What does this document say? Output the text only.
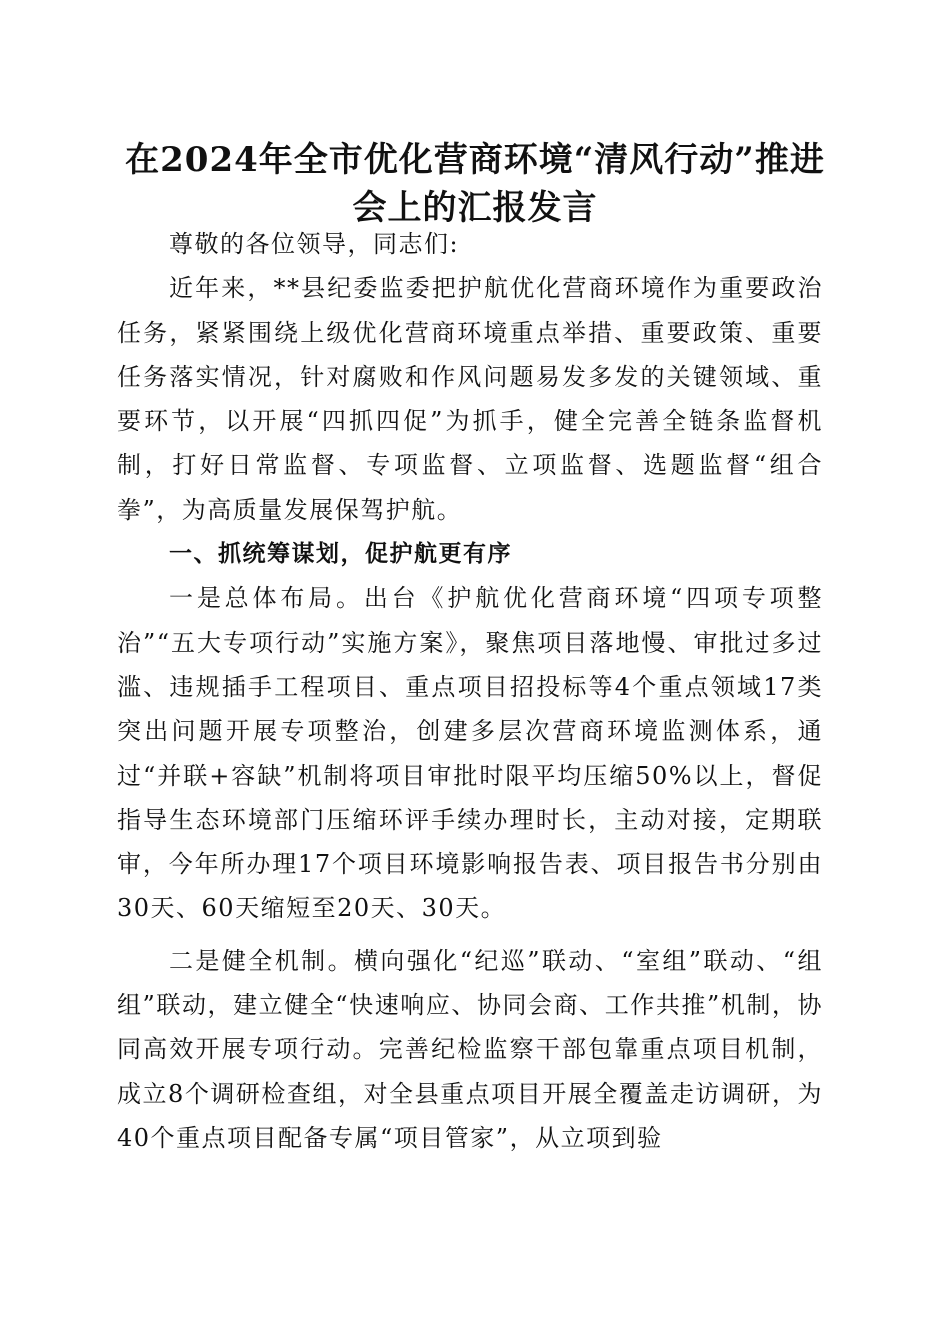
在2024年全市优化营商环境“清风行动”推进会上的汇报发言

尊敬的各位领导，同志们:

近年来，**县纪委监委把护航优化营商环境作为重要政治任务，紧紧围绕上级优化营商环境重点举措、重要政策、重要任务落实情况，针对腐败和作风问题易发多发的关键领域、重要环节，以开展“四抓四促”为抓手，健全完善全链条监督机制，打好日常监督、专项监督、立项监督、选题监督“组合拳”，为高质量发展保驾护航。

一、抓统筹谋划，促护航更有序

一是总体布局。出台《护航优化营商环境“四项专项整治”“五大专项行动”实施方案》，聚焦项目落地慢、审批过多过滥、违规插手工程项目、重点项目招投标等4个重点领域17类突出问题开展专项整治，创建多层次营商环境监测体系，通过“并联+容缺”机制将项目审批时限平均压缩50%以上，督促指导生态环境部门压缩环评手续办理时长，主动对接，定期联审，今年所办理17个项目环境影响报告表、项目报告书分别由30天、60天缩短至20天、30天。

二是健全机制。横向强化“纪巡”联动、“室组”联动、“组组”联动，建立健全“快速响应、协同会商、工作共推”机制，协同高效开展专项行动。完善纪检监察干部包靠重点项目机制，成立8个调研检查组，对全县重点项目开展全覆盖走访调研，为40个重点项目配备专属“项目管家”，从立项到验
